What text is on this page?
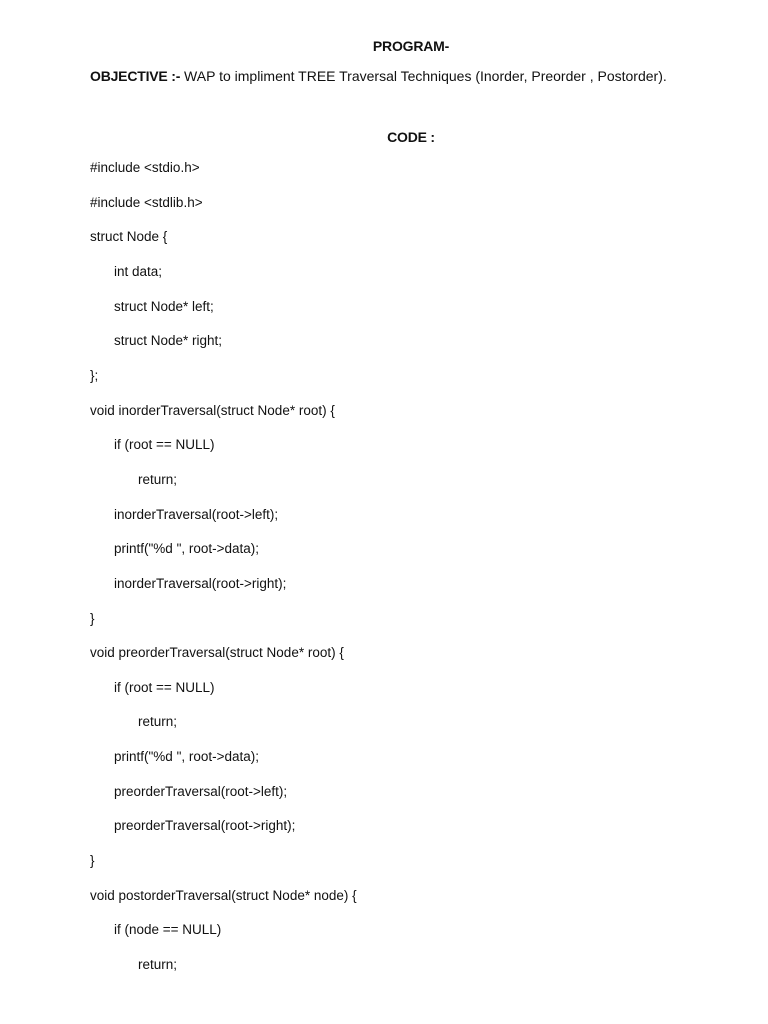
PROGRAM-
OBJECTIVE :- WAP to impliment TREE Traversal Techniques (Inorder, Preorder , Postorder).
CODE :
#include <stdio.h>
#include <stdlib.h>
struct Node {
int data;
struct Node* left;
struct Node* right;
};
void inorderTraversal(struct Node* root) {
if (root == NULL)
return;
inorderTraversal(root->left);
printf("%d ", root->data);
inorderTraversal(root->right);
}
void preorderTraversal(struct Node* root) {
if (root == NULL)
return;
printf("%d ", root->data);
preorderTraversal(root->left);
preorderTraversal(root->right);
}
void postorderTraversal(struct Node* node) {
if (node == NULL)
return;
